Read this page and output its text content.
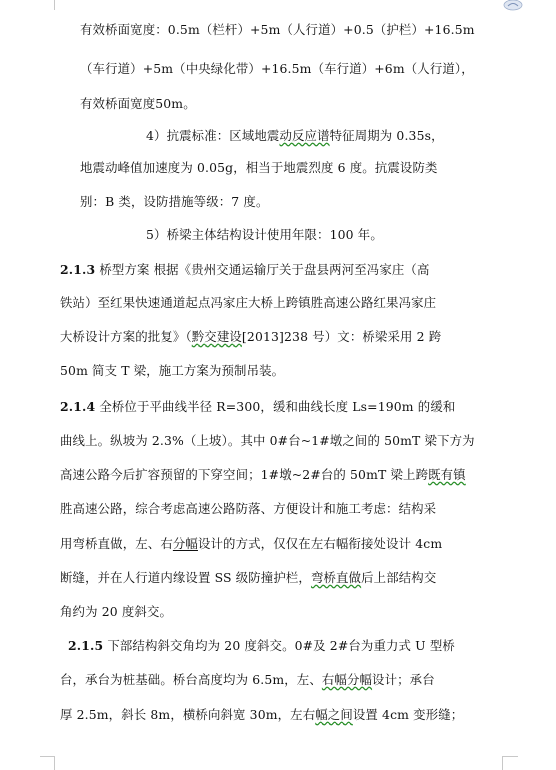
有效桥面宽度：0.5m（栏杆）+5m（人行道）+0.5（护栏）+16.5m
（车行道）+5m（中央绿化带）+16.5m（车行道）+6m（人行道），
有效桥面宽度50m。
4）抗震标准：区域地震动反应谱特征周期为 0.35s，
地震动峰值加速度为 0.05g，相当于地震烈度 6 度。抗震设防类
别：B 类，设防措施等级：7 度。
5）桥梁主体结构设计使用年限：100 年。
2.1.3 桥型方案 根据《贵州交通运输厅关于盘县两河至冯家庄（高
铁站）至红果快速通道起点冯家庄大桥上跨镇胜高速公路红果冯家庄
大桥设计方案的批复》（黔交建设[2013]238 号）文：桥梁采用 2 跨
50m 简支 T 梁，施工方案为预制吊装。
2.1.4 全桥位于平曲线半径 R=300，缓和曲线长度 Ls=190m 的缓和
曲线上。纵坡为 2.3%（上坡）。其中 0#台~1#墩之间的 50mT 梁下方为
高速公路今后扩容预留的下穿空间；1#墩~2#台的 50mT 梁上跨既有镇
胜高速公路，综合考虑高速公路防落、方便设计和施工考虑：结构采
用弯桥直做，左、右分幅设计的方式，仅仅在左右幅衔接处设计 4cm
断缝，并在人行道内缘设置 SS 级防撞护栏，弯桥直做后上部结构交
角约为 20 度斜交。
2.1.5 下部结构斜交角均为 20 度斜交。0#及 2#台为重力式 U 型桥
台，承台为桩基础。桥台高度均为 6.5m，左、右幅分幅设计；承台
厚 2.5m，斜长 8m，横桥向斜宽 30m，左右幅之间设置 4cm 变形缝；
